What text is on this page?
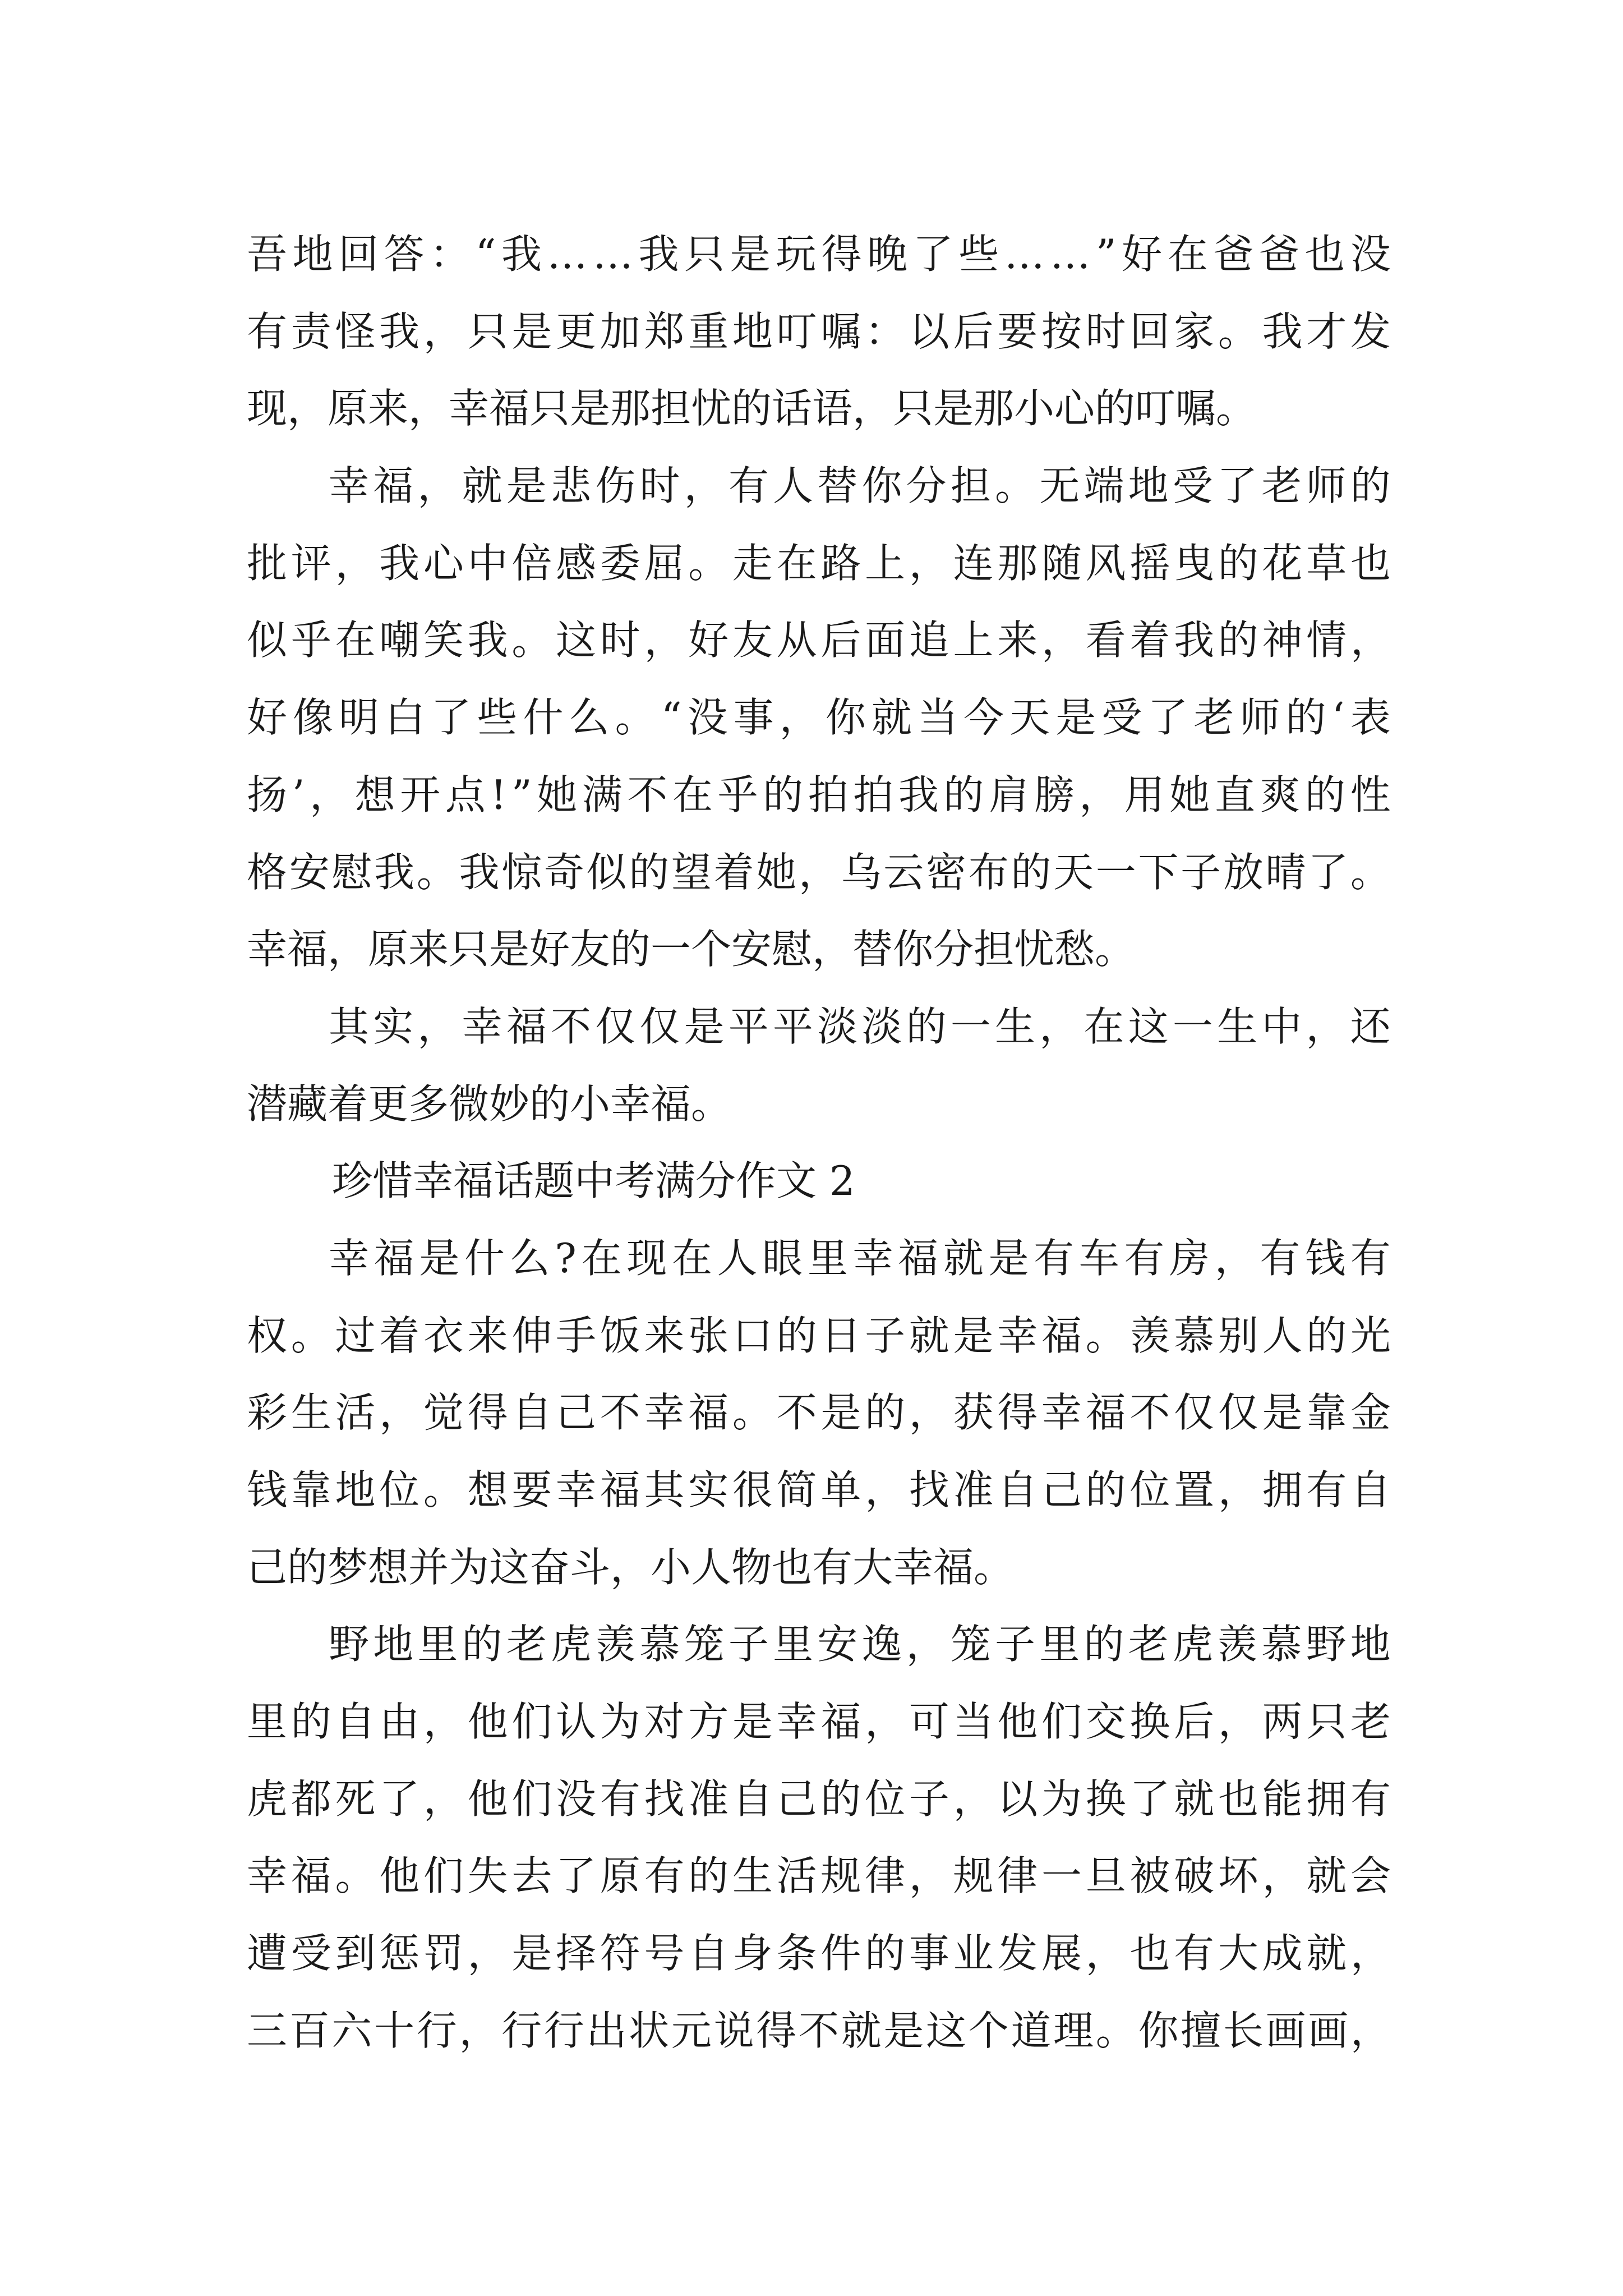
吾 地 回 答 ： “ 我 … … 我 只 是 玩 得 晚 了 些 … … ” 好 在 爸 爸 也 没
有 责 怪 我 ， 只 是 更 加 郑 重 地 叮 嘱 ： 以 后 要 按 时 回 家 。 我 才 发
现，原来，幸福只是那担忧的话语，只是那小心的叮嘱。
幸 福 ， 就 是 悲 伤 时 ， 有 人 替 你 分 担 。 无 端 地 受 了 老 师 的
批 评 ， 我 心 中 倍 感 委 屈 。 走 在 路 上 ， 连 那 随 风 摇 曳 的 花 草 也
似 乎 在 嘲 笑 我 。 这 时 ， 好 友 从 后 面 追 上 来 ， 看 着 我 的 神 情 ，
好 像 明 白 了 些 什 么 。 “ 没 事 ， 你 就 当 今 天 是 受 了 老 师 的 ‘ 表
扬 ’ ， 想 开 点 ! ” 她 满 不 在 乎 的 拍 拍 我 的 肩 膀 ， 用 她 直 爽 的 性
格 安 慰 我 。 我 惊 奇 似 的 望 着 她 ， 乌 云 密 布 的 天 一 下 子 放 晴 了 。
幸福，原来只是好友的一个安慰，替你分担忧愁。
其 实 ， 幸 福 不 仅 仅 是 平 平 淡 淡 的 一 生 ， 在 这 一 生 中 ， 还
潜藏着更多微妙的小幸福。
珍惜幸福话题中考满分作文 2
幸 福 是 什 么 ? 在 现 在 人 眼 里 幸 福 就 是 有 车 有 房 ， 有 钱 有
权 。 过 着 衣 来 伸 手 饭 来 张 口 的 日 子 就 是 幸 福 。 羡 慕 别 人 的 光
彩 生 活 ， 觉 得 自 己 不 幸 福 。 不 是 的 ， 获 得 幸 福 不 仅 仅 是 靠 金
钱 靠 地 位 。 想 要 幸 福 其 实 很 简 单 ， 找 准 自 己 的 位 置 ， 拥 有 自
己的梦想并为这奋斗，小人物也有大幸福。
野 地 里 的 老 虎 羡 慕 笼 子 里 安 逸 ， 笼 子 里 的 老 虎 羡 慕 野 地
里 的 自 由 ， 他 们 认 为 对 方 是 幸 福 ， 可 当 他 们 交 换 后 ， 两 只 老
虎 都 死 了 ， 他 们 没 有 找 准 自 己 的 位 子 ， 以 为 换 了 就 也 能 拥 有
幸 福 。 他 们 失 去 了 原 有 的 生 活 规 律 ， 规 律 一 旦 被 破 坏 ， 就 会
遭 受 到 惩 罚 ， 是 择 符 号 自 身 条 件 的 事 业 发 展 ， 也 有 大 成 就 ，
三 百 六 十 行 ， 行 行 出 状 元 说 得 不 就 是 这 个 道 理 。 你 擅 长 画 画 ，
